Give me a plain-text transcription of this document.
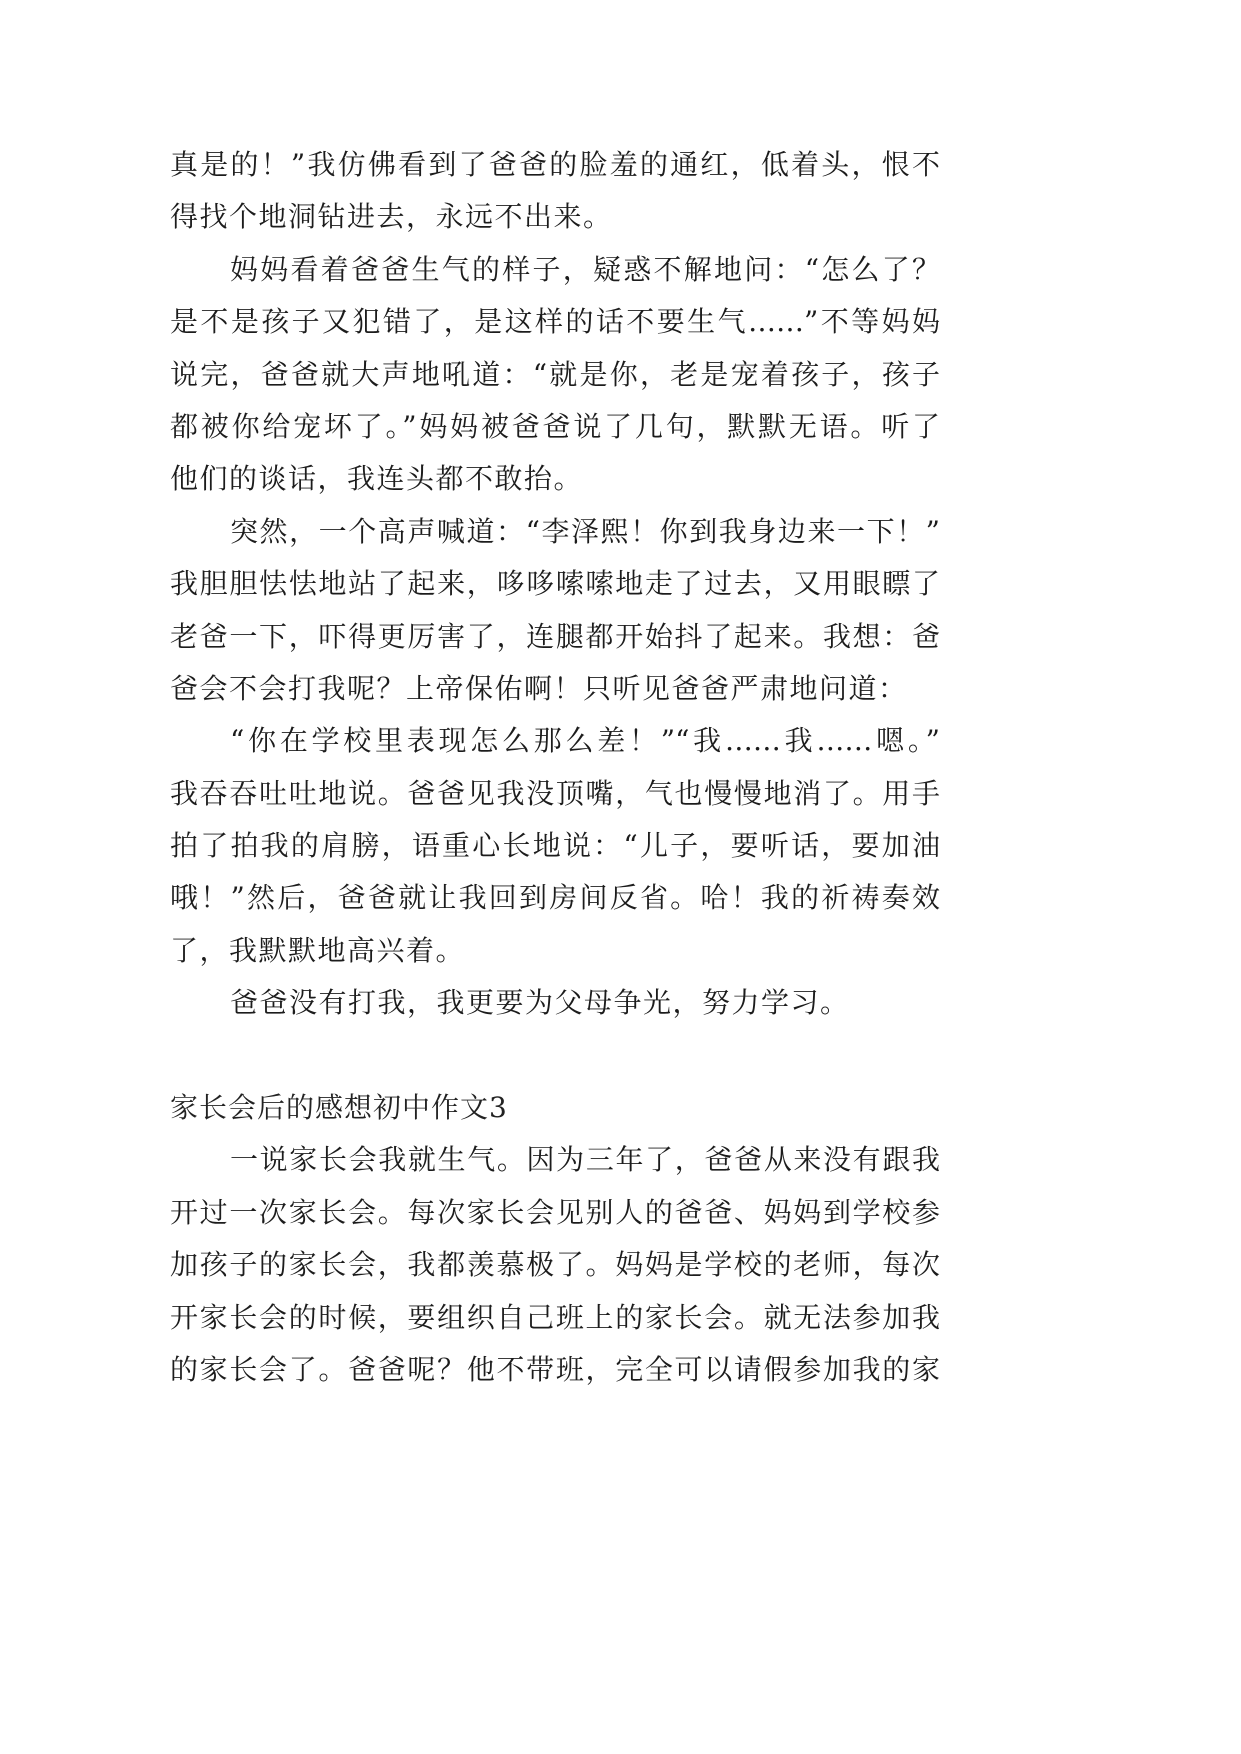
真是的！”我仿佛看到了爸爸的脸羞的通红，低着头，恨不
得找个地洞钻进去，永远不出来。
妈妈看着爸爸生气的样子，疑惑不解地问：“怎么了？
是不是孩子又犯错了，是这样的话不要生气……”不等妈妈
说完，爸爸就大声地吼道：“就是你，老是宠着孩子，孩子
都被你给宠坏了。”妈妈被爸爸说了几句，默默无语。听了
他们的谈话，我连头都不敢抬。
突然，一个高声喊道：“李泽熙！你到我身边来一下！”
我胆胆怯怯地站了起来，哆哆嗦嗦地走了过去，又用眼瞟了
老爸一下，吓得更厉害了，连腿都开始抖了起来。我想：爸
爸会不会打我呢？上帝保佑啊！只听见爸爸严肃地问道：
“你在学校里表现怎么那么差！”“我……我……嗯。”
我吞吞吐吐地说。爸爸见我没顶嘴，气也慢慢地消了。用手
拍了拍我的肩膀，语重心长地说：“儿子，要听话，要加油
哦！”然后，爸爸就让我回到房间反省。哈！我的祈祷奏效
了，我默默地高兴着。
爸爸没有打我，我更要为父母争光，努力学习。
家长会后的感想初中作文3
一说家长会我就生气。因为三年了，爸爸从来没有跟我
开过一次家长会。每次家长会见别人的爸爸、妈妈到学校参
加孩子的家长会，我都羡慕极了。妈妈是学校的老师，每次
开家长会的时候，要组织自己班上的家长会。就无法参加我
的家长会了。爸爸呢？他不带班，完全可以请假参加我的家
